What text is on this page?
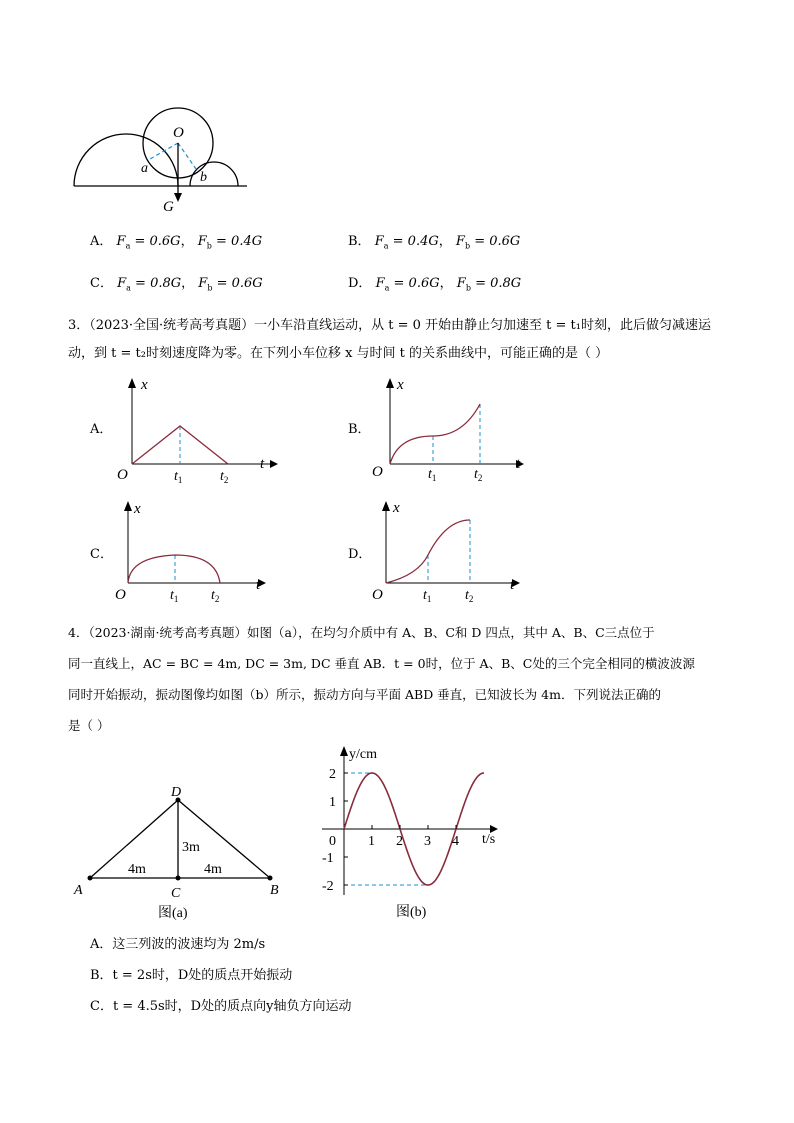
O
a
b
G
A． $F_a = 0.6G$， $F_b = 0.4G$	B． $F_a = 0.4G$， $F_b = 0.6G$
C． $F_a = 0.8G$， $F_b = 0.6G$	D． $F_a = 0.6G$， $F_b = 0.8G$
3．（2023·全国·统考高考真题）一小车沿直线运动，从 t = 0 开始由静止匀加速至 t = t₁时刻，此后做匀减速运动，到 t = t₂时刻速度降为零。在下列小车位移 x 与时间 t 的关系曲线中，可能正确的是（ ）
A．
x
t
O	$t_1$	$t_2$
B．
x
t
O	$t_1$	$t_2$
C．
x
t
O	$t_1$ $t_2$
D．
x
t
O	$t_1$ $t_2$
4．（2023·湖南·统考高考真题）如图（a），在均匀介质中有 A、B、C和 D 四点，其中 A、B、C三点位于
同一直线上，AC = BC = 4m, DC = 3m, DC 垂直 AB．t = 0时，位于 A、B、C处的三个完全相同的横波波源
同时开始振动，振动图像均如图（b）所示，振动方向与平面 ABD 垂直，已知波长为 4m．下列说法正确的
是（ ）
D
A	C	B
4m	4m
3m
图(a)
2
1
0
-1
-2
1 2 3 4
y/cm
t/s
图(b)
A．这三列波的波速均为 2m/s
B．t = 2s时，D处的质点开始振动
C．t = 4.5s时，D处的质点向y轴负方向运动
